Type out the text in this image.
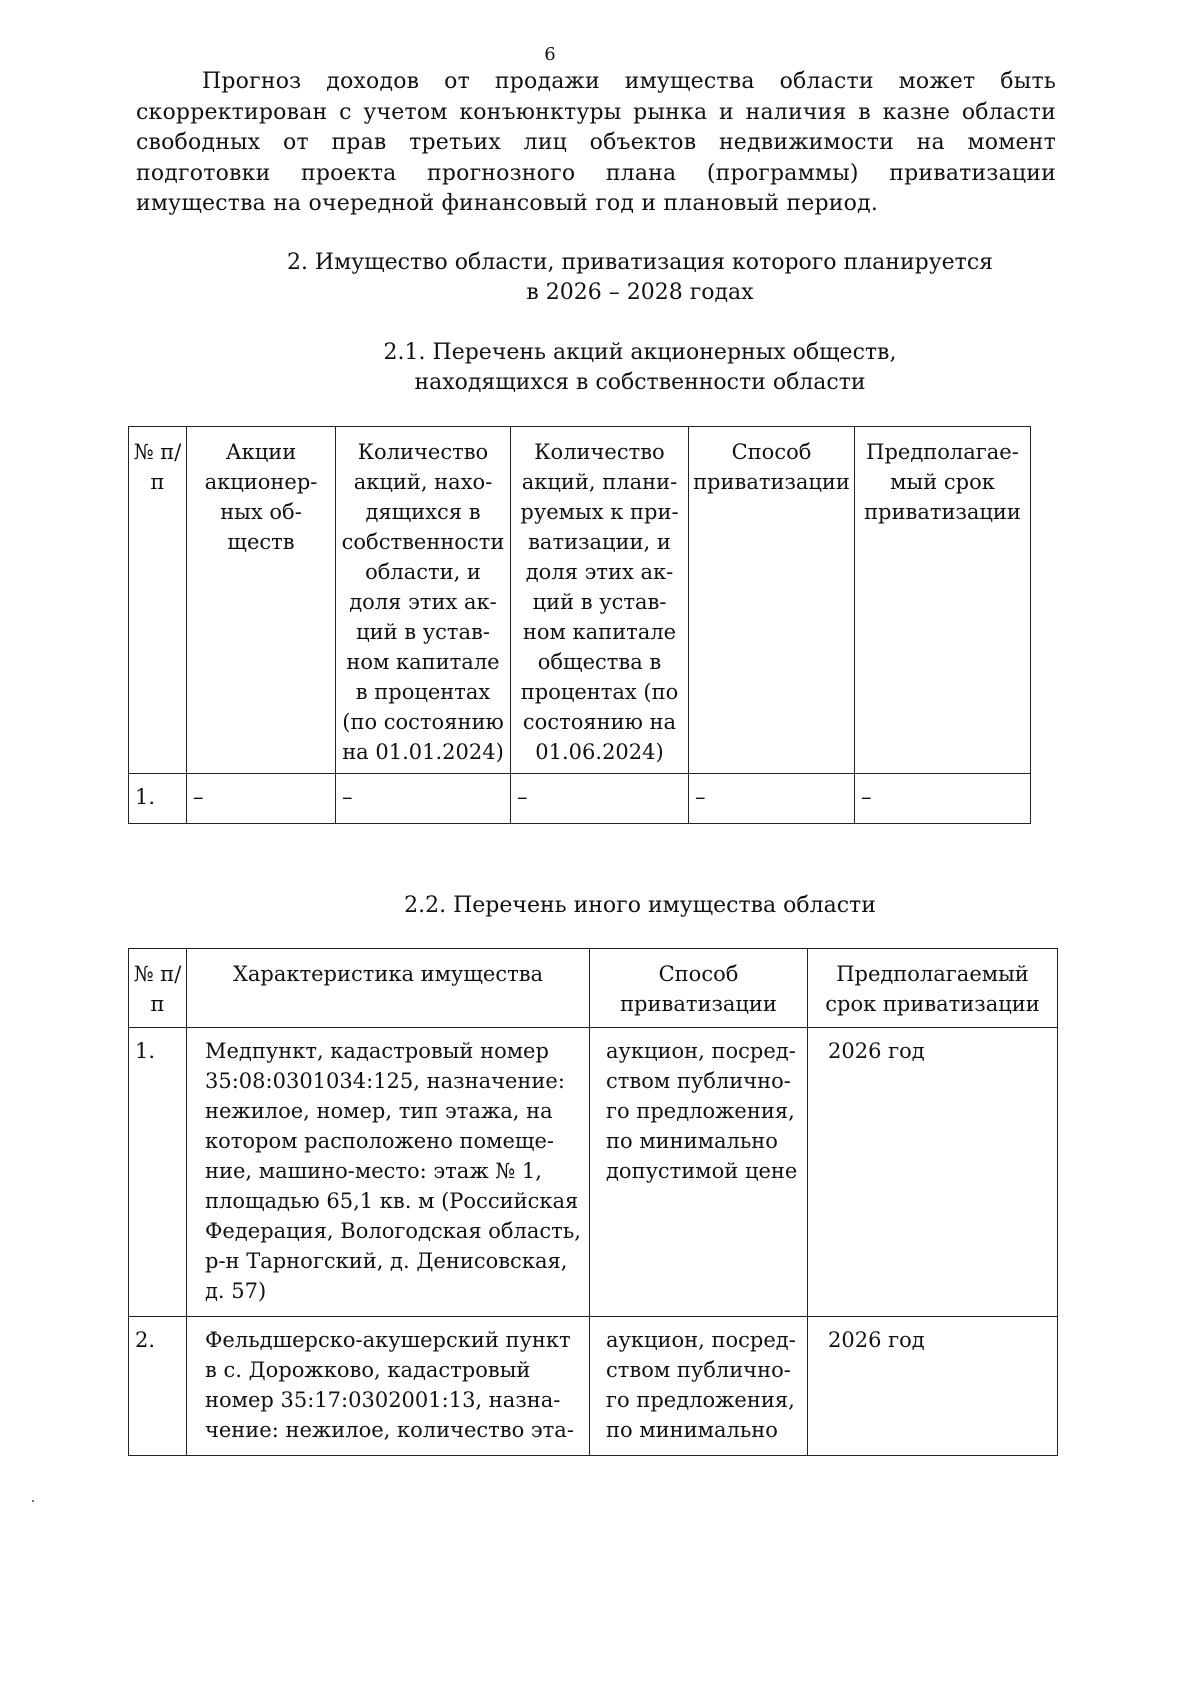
6
Прогноз доходов от продажи имущества области может быть скорректирован с учетом конъюнктуры рынка и наличия в казне области свободных от прав третьих лиц объектов недвижимости на момент подготовки проекта прогнозного плана (программы) приватизации имущества на очередной финансовый год и плановый период.
2. Имущество области, приватизация которого планируется
в 2026 – 2028 годах
2.1. Перечень акций акционерных обществ,
находящихся в собственности области
№ п/п	Акции акционерных обществ	Количество акций, находящихся в собственности области, и доля этих акций в уставном капитале в процентах (по состоянию на 01.01.2024)	Количество акций, планируемых к приватизации, и доля этих акций в уставном капитале общества в процентах (по состоянию на 01.06.2024)	Способ приватизации	Предполагаемый срок приватизации
1.	–	–	–	–	–
2.2. Перечень иного имущества области
№ п/п	Характеристика имущества	Способ приватизации	Предполагаемый срок приватизации
1.	Медпункт, кадастровый номер 35:08:0301034:125, назначение: нежилое, номер, тип этажа, на котором расположено помещение, машино-место: этаж № 1, площадью 65,1 кв. м (Российская Федерация, Вологодская область, р-н Тарногский, д. Денисовская, д. 57)	аукцион, посредством публичного предложения, по минимально допустимой цене	2026 год
2.	Фельдшерско-акушерский пункт в с. Дорожково, кадастровый номер 35:17:0302001:13, назначение: нежилое, количество эта-	аукцион, посредством публичного предложения, по минимально	2026 год
